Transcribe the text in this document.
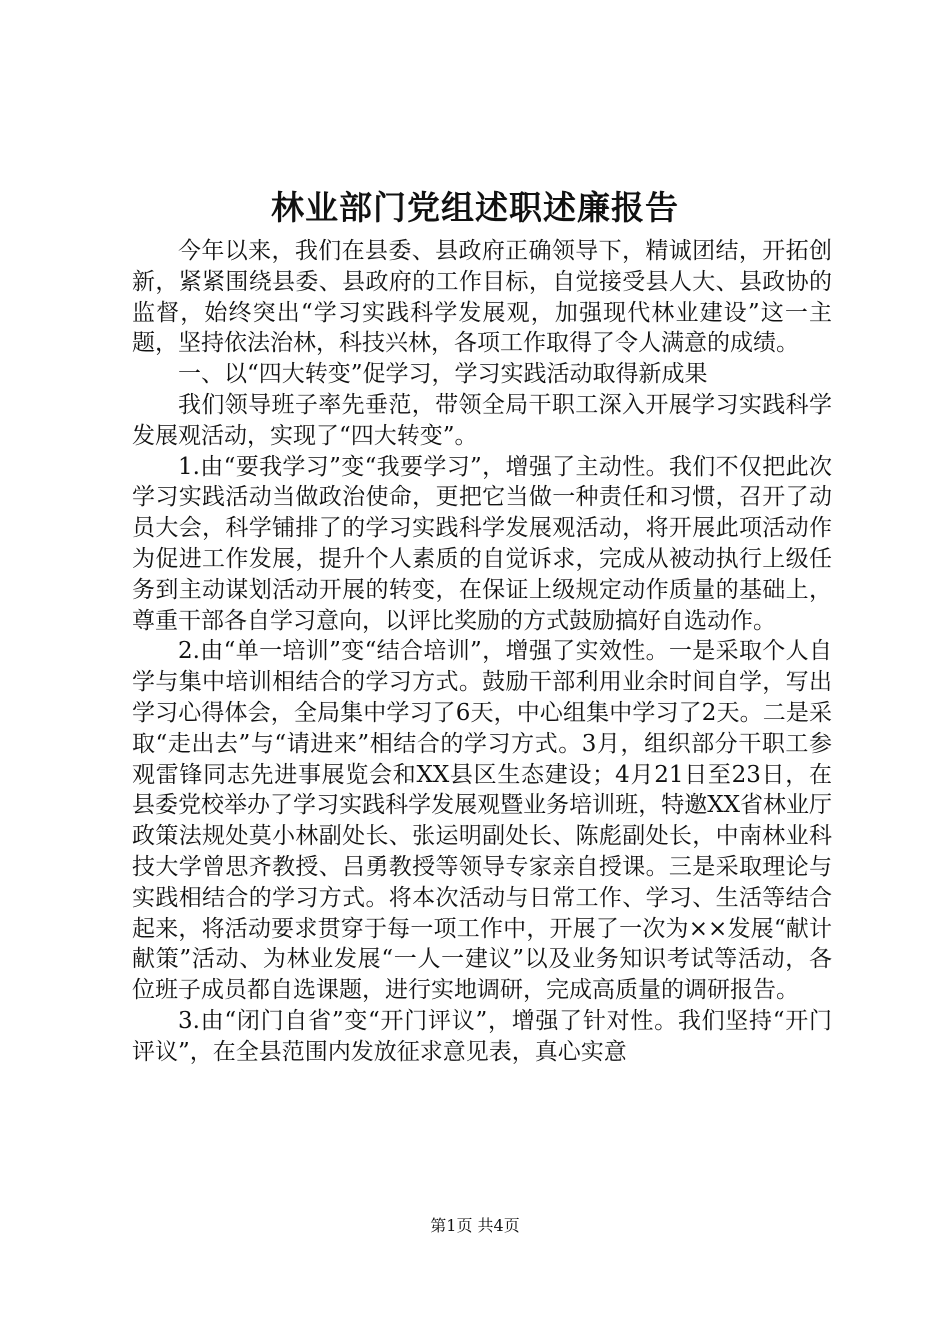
林业部门党组述职述廉报告

今年以来，我们在县委、县政府正确领导下，精诚团结，开拓创新，紧紧围绕县委、县政府的工作目标，自觉接受县人大、县政协的监督，始终突出“学习实践科学发展观，加强现代林业建设”这一主题，坚持依法治林，科技兴林，各项工作取得了令人满意的成绩。

一、以“四大转变”促学习，学习实践活动取得新成果

我们领导班子率先垂范，带领全局干职工深入开展学习实践科学发展观活动，实现了“四大转变”。

1.由“要我学习”变“我要学习”，增强了主动性。我们不仅把此次学习实践活动当做政治使命，更把它当做一种责任和习惯，召开了动员大会，科学铺排了的学习实践科学发展观活动，将开展此项活动作为促进工作发展，提升个人素质的自觉诉求，完成从被动执行上级任务到主动谋划活动开展的转变，在保证上级规定动作质量的基础上，尊重干部各自学习意向，以评比奖励的方式鼓励搞好自选动作。

2.由“单一培训”变“结合培训”，增强了实效性。一是采取个人自学与集中培训相结合的学习方式。鼓励干部利用业余时间自学，写出学习心得体会，全局集中学习了6天，中心组集中学习了2天。二是采取“走出去”与“请进来”相结合的学习方式。3月，组织部分干职工参观雷锋同志先进事展览会和XX县区生态建设；4月21日至23日，在县委党校举办了学习实践科学发展观暨业务培训班，特邀XX省林业厅政策法规处莫小林副处长、张运明副处长、陈彪副处长，中南林业科技大学曾思齐教授、吕勇教授等领导专家亲自授课。三是采取理论与实践相结合的学习方式。将本次活动与日常工作、学习、生活等结合起来，将活动要求贯穿于每一项工作中，开展了一次为××发展“献计献策”活动、为林业发展“一人一建议”以及业务知识考试等活动，各位班子成员都自选课题，进行实地调研，完成高质量的调研报告。

3.由“闭门自省”变“开门评议”，增强了针对性。我们坚持“开门评议”，在全县范围内发放征求意见表，真心实意

第1页 共4页
